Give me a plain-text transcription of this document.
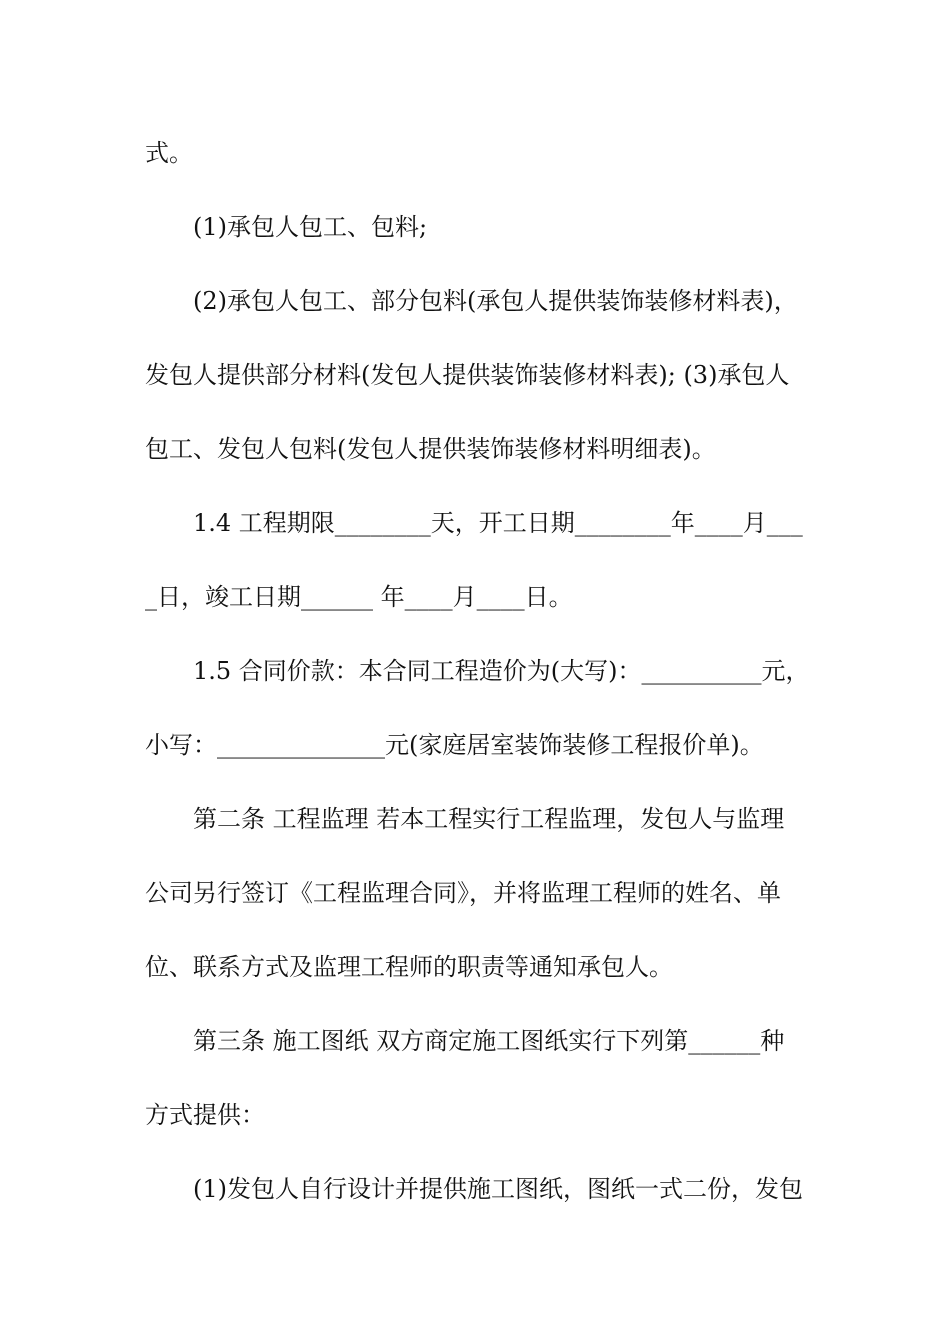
式。
(1)承包人包工、包料;
(2)承包人包工、部分包料(承包人提供装饰装修材料表)，
发包人提供部分材料(发包人提供装饰装修材料表); (3)承包人
包工、发包人包料(发包人提供装饰装修材料明细表)。
1.4 工程期限________天，开工日期________年____月___
_日，竣工日期______ 年____月____日。
1.5 合同价款：本合同工程造价为(大写)：__________元，
小写：______________元(家庭居室装饰装修工程报价单)。
第二条 工程监理 若本工程实行工程监理，发包人与监理
公司另行签订《工程监理合同》，并将监理工程师的姓名、单
位、联系方式及监理工程师的职责等通知承包人。
第三条 施工图纸 双方商定施工图纸实行下列第______种
方式提供：
(1)发包人自行设计并提供施工图纸，图纸一式二份，发包
